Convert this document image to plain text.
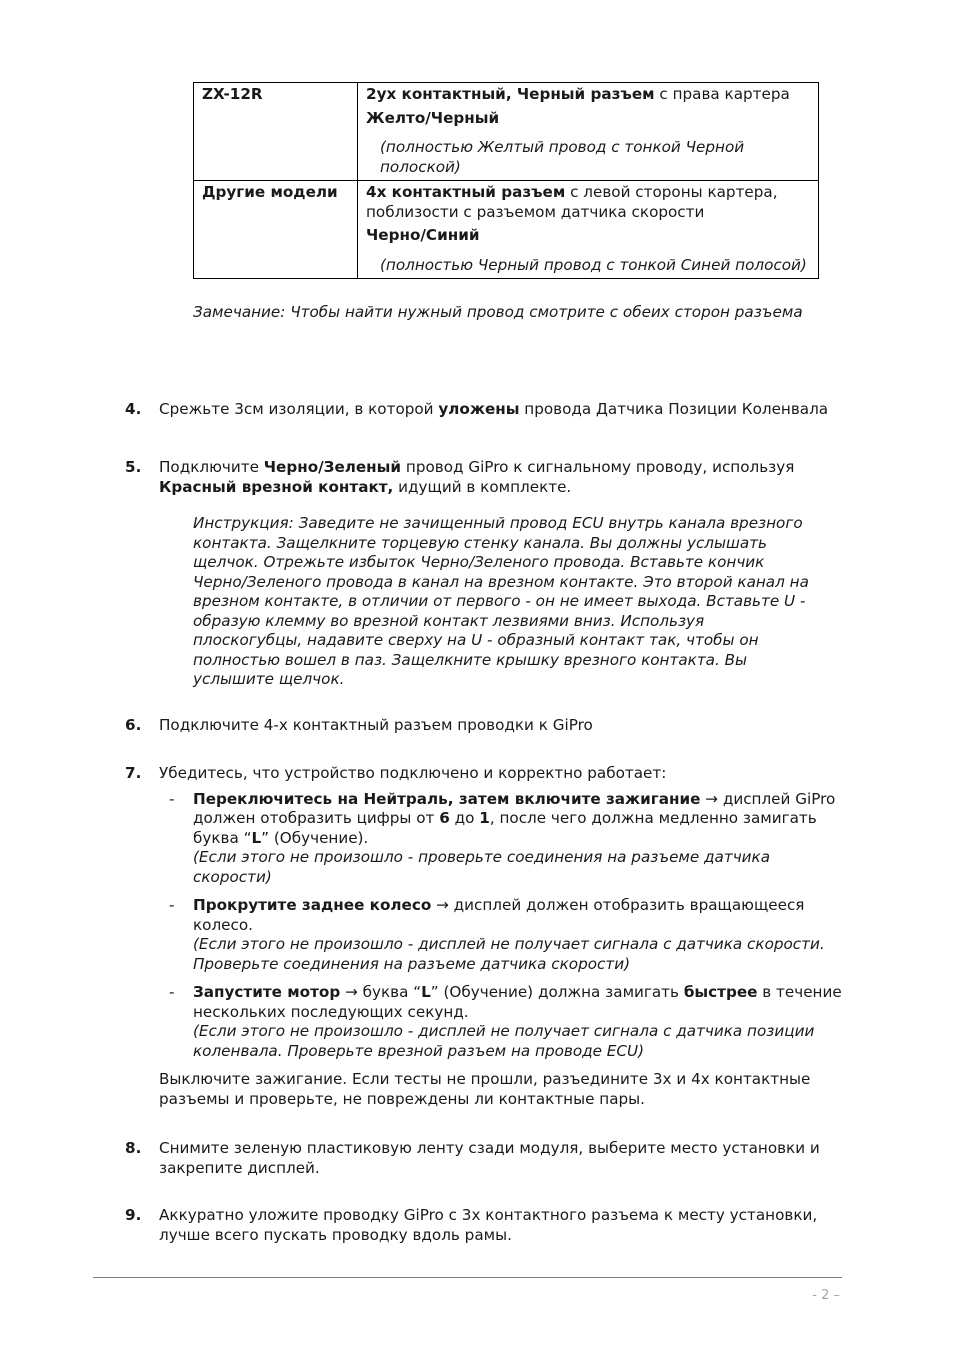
ZX-12R	2ух контактный, Черный разъем с права картера
Желто/Черный
(полностью Желтый провод с тонкой Черной полоской)

Другие модели	4х контактный разъем с левой стороны картера, поблизости с разъемом датчика скорости
Черно/Синий
(полностью Черный провод с тонкой Синей полосой)
Замечание: Чтобы найти нужный провод смотрите с обеих сторон разъема
4. Срежьте 3см изоляции, в которой уложены провода Датчика Позиции Коленвала
5. Подключите Черно/Зеленый провод GiPro к сигнальному проводу, используя Красный врезной контакт, идущий в комплекте.
Инструкция: Заведите не зачищенный провод ECU внутрь канала врезного контакта. Защелкните торцевую стенку канала. Вы должны услышать щелчок. Отрежьте избыток Черно/Зеленого провода. Вставьте кончик Черно/Зеленого провода в канал на врезном контакте. Это второй канал на врезном контакте, в отличии от первого - он не имеет выхода. Вставьте U - образую клемму во врезной контакт лезвиями вниз. Используя плоскогубцы, надавите сверху на U - образный контакт так, чтобы он полностью вошел в паз. Защелкните крышку врезного контакта. Вы услышите щелчок.
6. Подключите 4-х контактный разъем проводки к GiPro
7. Убедитесь, что устройство подключено и корректно работает:
- Переключитесь на Нейтраль, затем включите зажигание → дисплей GiPro должен отобразить цифры от 6 до 1, после чего должна медленно замигать буква “L” (Обучение).
(Если этого не произошло - проверьте соединения на разъеме датчика скорости)
- Прокрутите заднее колесо → дисплей должен отобразить вращающееся колесо.
(Если этого не произошло - дисплей не получает сигнала с датчика скорости. Проверьте соединения на разъеме датчика скорости)
- Запустите мотор → буква “L” (Обучение) должна замигать быстрее в течение нескольких последующих секунд.
(Если этого не произошло - дисплей не получает сигнала с датчика позиции коленвала. Проверьте врезной разъем на проводе ECU)
Выключите зажигание. Если тесты не прошли, разъедините 3х и 4х контактные разъемы и проверьте, не повреждены ли контактные пары.
8. Снимите зеленую пластиковую ленту сзади модуля, выберите место установки и закрепите дисплей.
9. Аккуратно уложите проводку GiPro с 3х контактного разъема к месту установки, лучше всего пускать проводку вдоль рамы.
- 2 –
